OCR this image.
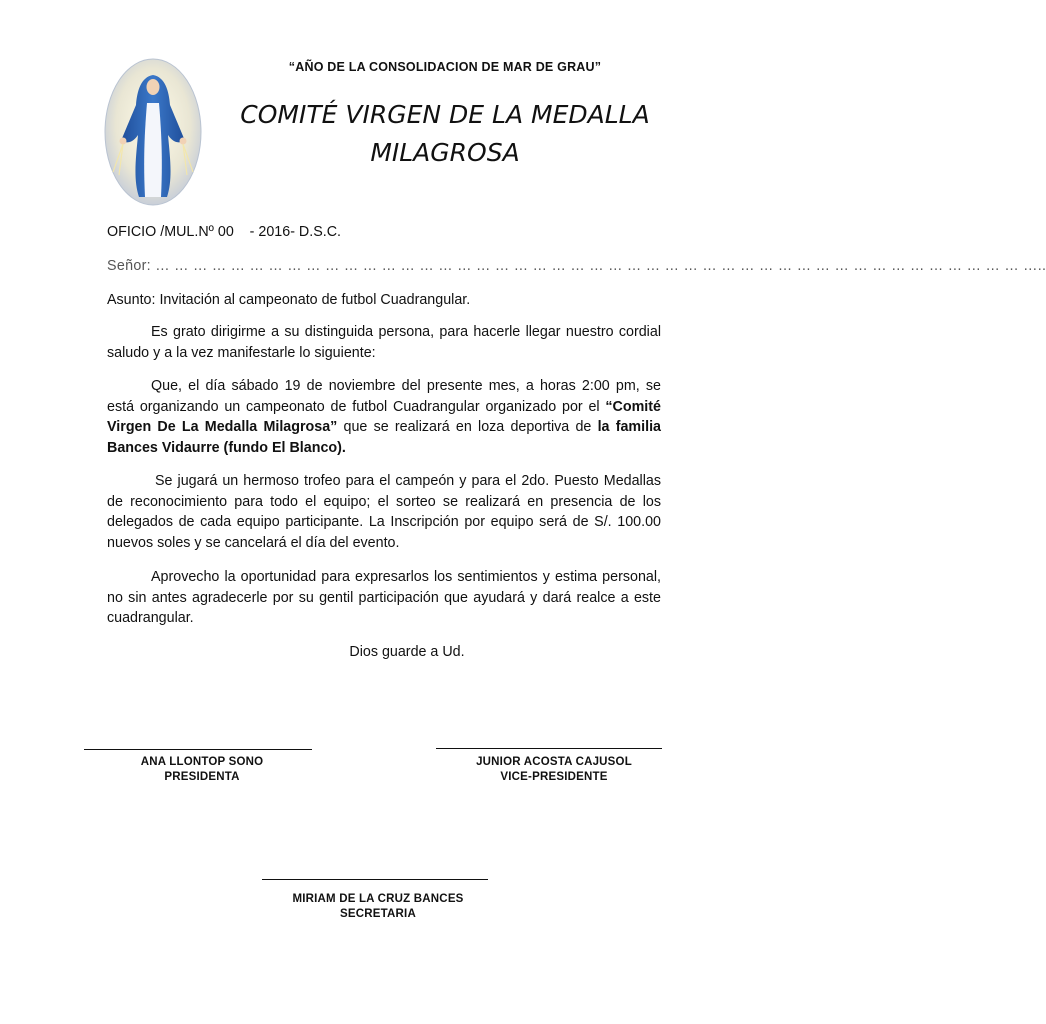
“AÑO DE LA CONSOLIDACION DE MAR DE GRAU”
COMITÉ VIRGEN DE LA MEDALLA
MILAGROSA
OFICIO /MUL.Nº 00    - 2016- D.S.C.
Señor: … … … … … … … … … … … … … … … … … … … … … … … … … … … … … … … … … … … … … … … … … … … … … … …..
Asunto: Invitación al campeonato de futbol Cuadrangular.
Es grato dirigirme a su distinguida persona, para hacerle llegar nuestro cordial saludo y a la vez manifestarle lo siguiente:
Que, el día sábado 19 de noviembre del presente mes, a horas 2:00 pm, se está organizando un campeonato de futbol Cuadrangular organizado por el “Comité Virgen De La Medalla Milagrosa” que se realizará en loza deportiva de la familia Bances Vidaurre (fundo El Blanco).
Se jugará un hermoso trofeo para el campeón y para el 2do. Puesto Medallas de reconocimiento para todo el equipo; el sorteo se realizará en presencia de los delegados de cada equipo participante. La Inscripción por equipo será de S/. 100.00 nuevos soles y se cancelará el día del evento.
Aprovecho la oportunidad para expresarlos los sentimientos y estima personal, no sin antes agradecerle por su gentil participación que ayudará y dará realce a este cuadrangular.
Dios guarde a Ud.
ANA LLONTOP SONO
PRESIDENTA
JUNIOR ACOSTA CAJUSOL
VICE-PRESIDENTE
MIRIAM DE LA CRUZ BANCES
SECRETARIA
